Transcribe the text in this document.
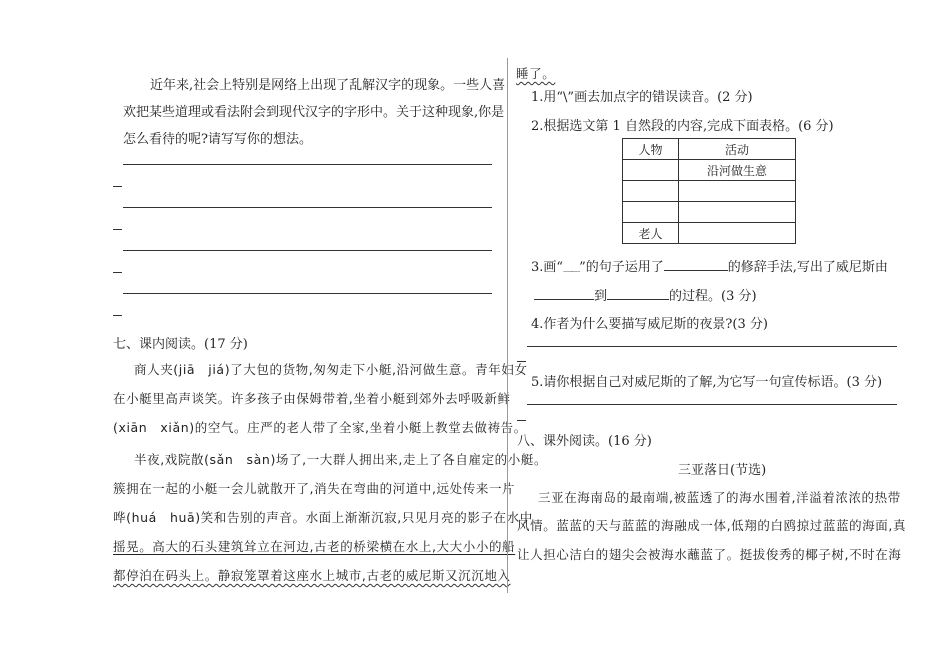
近年来,社会上特别是网络上出现了乱解汉字的现象。一些人喜
欢把某些道理或看法附会到现代汉字的字形中。关于这种现象,你是
怎么看待的呢?请写写你的想法。
七、课内阅读。(17 分)
商人夹(jiā　jiá)了大包的货物,匆匆走下小艇,沿河做生意。青年妇女
在小艇里高声谈笑。许多孩子由保姆带着,坐着小艇到郊外去呼吸新鲜
(xiān　xiǎn)的空气。庄严的老人带了全家,坐着小艇上教堂去做祷告。
半夜,戏院散(sǎn　sàn)场了,一大群人拥出来,走上了各自雇定的小艇。
簇拥在一起的小艇一会儿就散开了,消失在弯曲的河道中,远处传来一片
哗(huá　huā)笑和告别的声音。水面上渐渐沉寂,只见月亮的影子在水中
摇晃。高大的石头建筑耸立在河边,古老的桥梁横在水上,大大小小的船
都停泊在码头上。静寂笼罩着这座水上城市,古老的威尼斯又沉沉地入
睡了。
1.用“\”画去加点字的错误读音。(2 分)
2.根据选文第 1 自然段的内容,完成下面表格。(6 分)
人物	活动
	沿河做生意

老人	
3.画“﹏﹏”的句子运用了	的修辞手法,写出了威尼斯由
到	的过程。(3 分)
4.作者为什么要描写威尼斯的夜景?(3 分)
5.请你根据自己对威尼斯的了解,为它写一句宣传标语。(3 分)
八、课外阅读。(16 分)
三亚落日(节选)
三亚在海南岛的最南端,被蓝透了的海水围着,洋溢着浓浓的热带
风情。蓝蓝的天与蓝蓝的海融成一体,低翔的白鸥掠过蓝蓝的海面,真
让人担心洁白的翅尖会被海水蘸蓝了。挺拔俊秀的椰子树,不时在海
